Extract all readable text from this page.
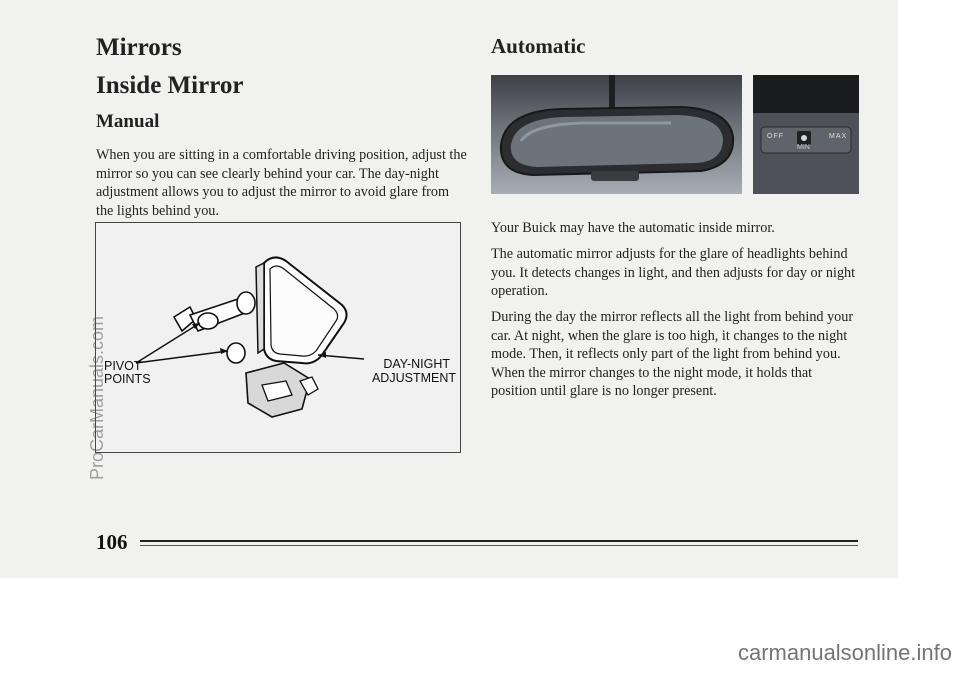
Mirrors
Inside Mirror
Manual

When you are sitting in a comfortable driving position, adjust the mirror so you can see clearly behind your car. The day-night adjustment allows you to adjust the mirror to avoid glare from the lights behind you.

PIVOT
POINTS
DAY-NIGHT
ADJUSTMENT
Automatic
OFF
MIN
MAX

Your Buick may have the automatic inside mirror.

The automatic mirror adjusts for the glare of headlights behind you. It detects changes in light, and then adjusts for day or night operation.

During the day the mirror reflects all the light from behind your car. At night, when the glare is too high, it changes to the night mode. Then, it reflects only part of the light from behind you. When the mirror changes to the night mode, it holds that position until glare is no longer present.

106
ProCarManuals.com
carmanualsonline.info
